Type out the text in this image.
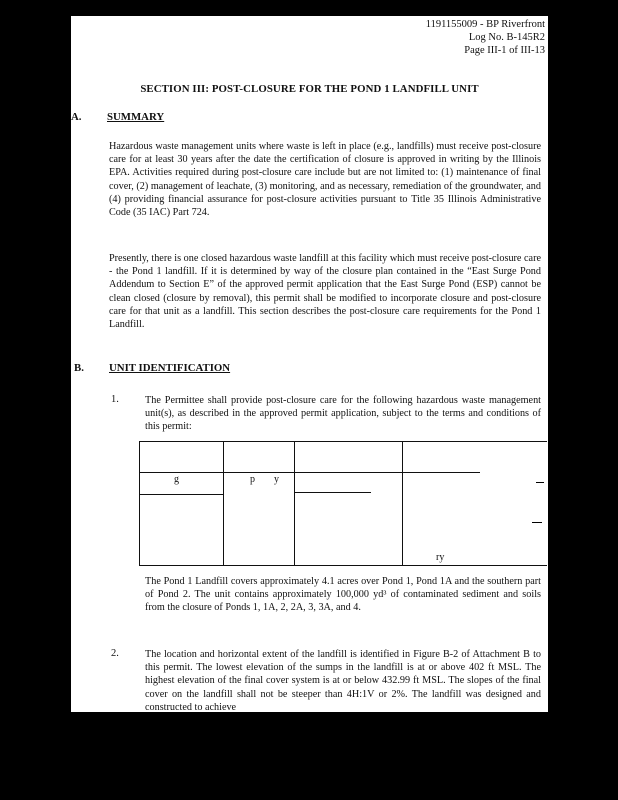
1191155009 - BP Riverfront
Log No. B-145R2
Page III-1 of III-13
SECTION III: POST-CLOSURE FOR THE POND 1 LANDFILL UNIT
A. SUMMARY
Hazardous waste management units where waste is left in place (e.g., landfills) must receive post-closure care for at least 30 years after the date the certification of closure is approved in writing by the Illinois EPA. Activities required during post-closure care include but are not limited to: (1) maintenance of final cover, (2) management of leachate, (3) monitoring, and as necessary, remediation of the groundwater, and (4) providing financial assurance for post-closure activities pursuant to Title 35 Illinois Administrative Code (35 IAC) Part 724.
Presently, there is one closed hazardous waste landfill at this facility which must receive post-closure care - the Pond 1 landfill. If it is determined by way of the closure plan contained in the “East Surge Pond Addendum to Section E” of the approved permit application that the East Surge Pond (ESP) cannot be clean closed (closure by removal), this permit shall be modified to incorporate closure and post-closure care for that unit as a landfill. This section describes the post-closure care requirements for the Pond 1 Landfill.
B. UNIT IDENTIFICATION
1.	The Permittee shall provide post-closure care for the following hazardous waste management unit(s), as described in the approved permit application, subject to the terms and conditions of this permit:
g	p y
ry
The Pond 1 Landfill covers approximately 4.1 acres over Pond 1, Pond 1A and the southern part of Pond 2. The unit contains approximately 100,000 yd³ of contaminated sediment and soils from the closure of Ponds 1, 1A, 2, 2A, 3, 3A, and 4.
2.	The location and horizontal extent of the landfill is identified in Figure B-2 of Attachment B to this permit. The lowest elevation of the sumps in the landfill is at or above 402 ft MSL. The highest elevation of the final cover system is at or below 432.99 ft MSL. The slopes of the final cover on the landfill shall not be steeper than 4H:1V or 2%. The landfill was designed and constructed to achieve
